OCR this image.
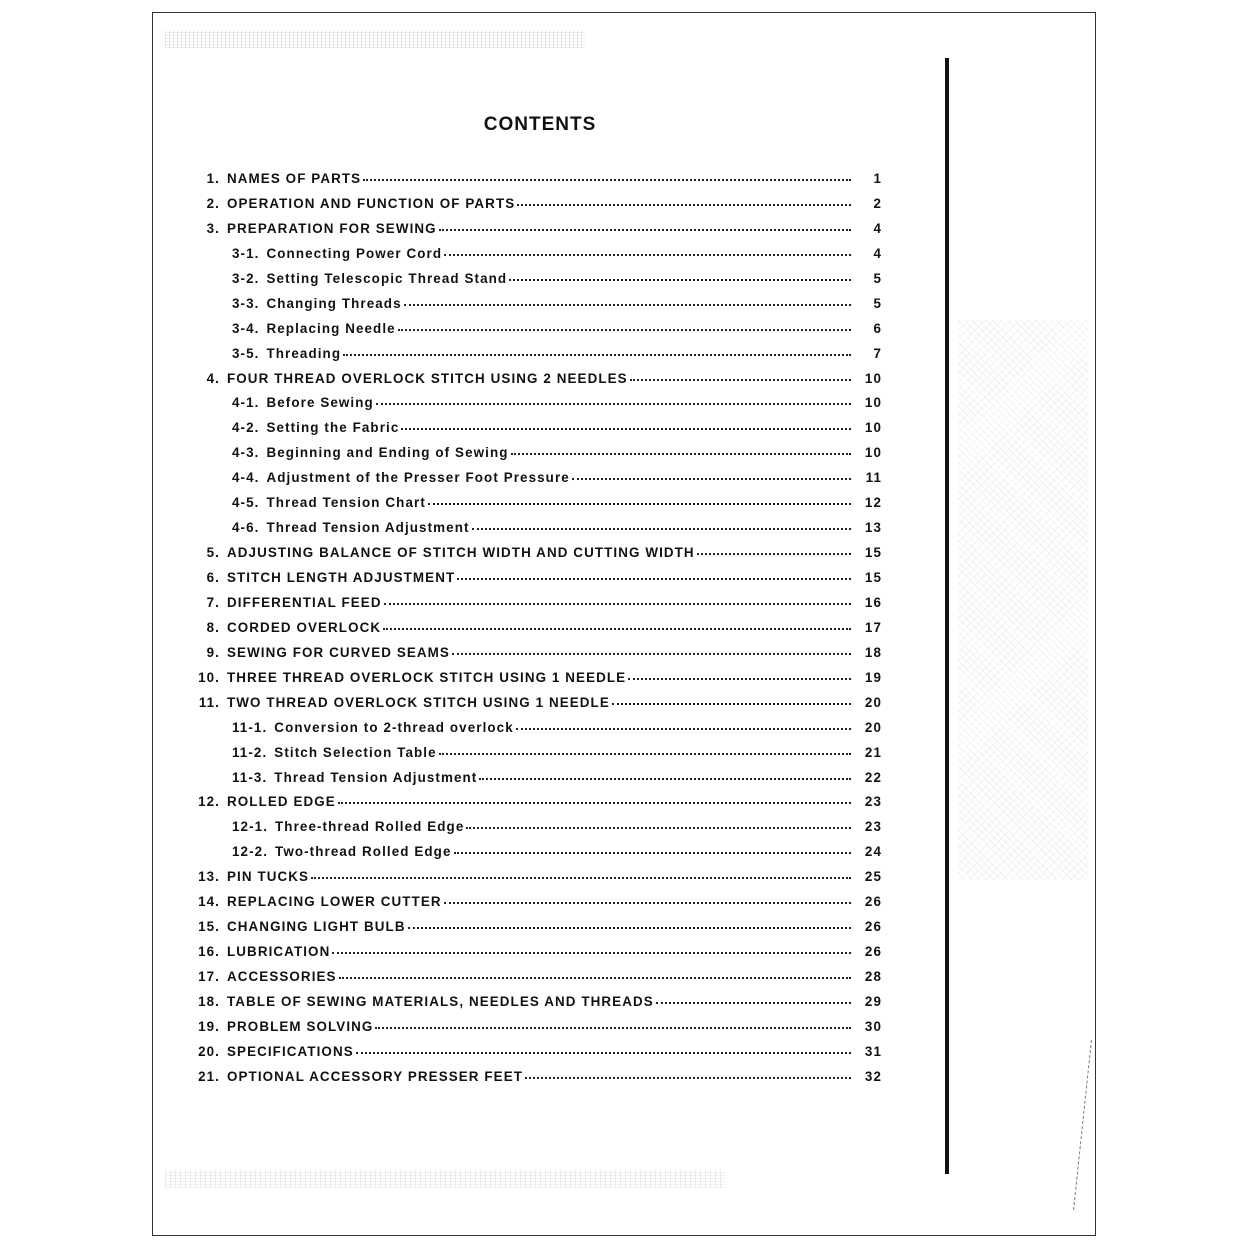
CONTENTS
1. NAMES OF PARTS	1
2. OPERATION AND FUNCTION OF PARTS	2
3. PREPARATION FOR SEWING	4
3-1. Connecting Power Cord	4
3-2. Setting Telescopic Thread Stand	5
3-3. Changing Threads	5
3-4. Replacing Needle	6
3-5. Threading	7
4. FOUR THREAD OVERLOCK STITCH USING 2 NEEDLES	10
4-1. Before Sewing	10
4-2. Setting the Fabric	10
4-3. Beginning and Ending of Sewing	10
4-4. Adjustment of the Presser Foot Pressure	11
4-5. Thread Tension Chart	12
4-6. Thread Tension Adjustment	13
5. ADJUSTING BALANCE OF STITCH WIDTH AND CUTTING WIDTH	15
6. STITCH LENGTH ADJUSTMENT	15
7. DIFFERENTIAL FEED	16
8. CORDED OVERLOCK	17
9. SEWING FOR CURVED SEAMS	18
10. THREE THREAD OVERLOCK STITCH USING 1 NEEDLE	19
11. TWO THREAD OVERLOCK STITCH USING 1 NEEDLE	20
11-1. Conversion to 2-thread overlock	20
11-2. Stitch Selection Table	21
11-3. Thread Tension Adjustment	22
12. ROLLED EDGE	23
12-1. Three-thread Rolled Edge	23
12-2. Two-thread Rolled Edge	24
13. PIN TUCKS	25
14. REPLACING LOWER CUTTER	26
15. CHANGING LIGHT BULB	26
16. LUBRICATION	26
17. ACCESSORIES	28
18. TABLE OF SEWING MATERIALS, NEEDLES AND THREADS	29
19. PROBLEM SOLVING	30
20. SPECIFICATIONS	31
21. OPTIONAL ACCESSORY PRESSER FEET	32
